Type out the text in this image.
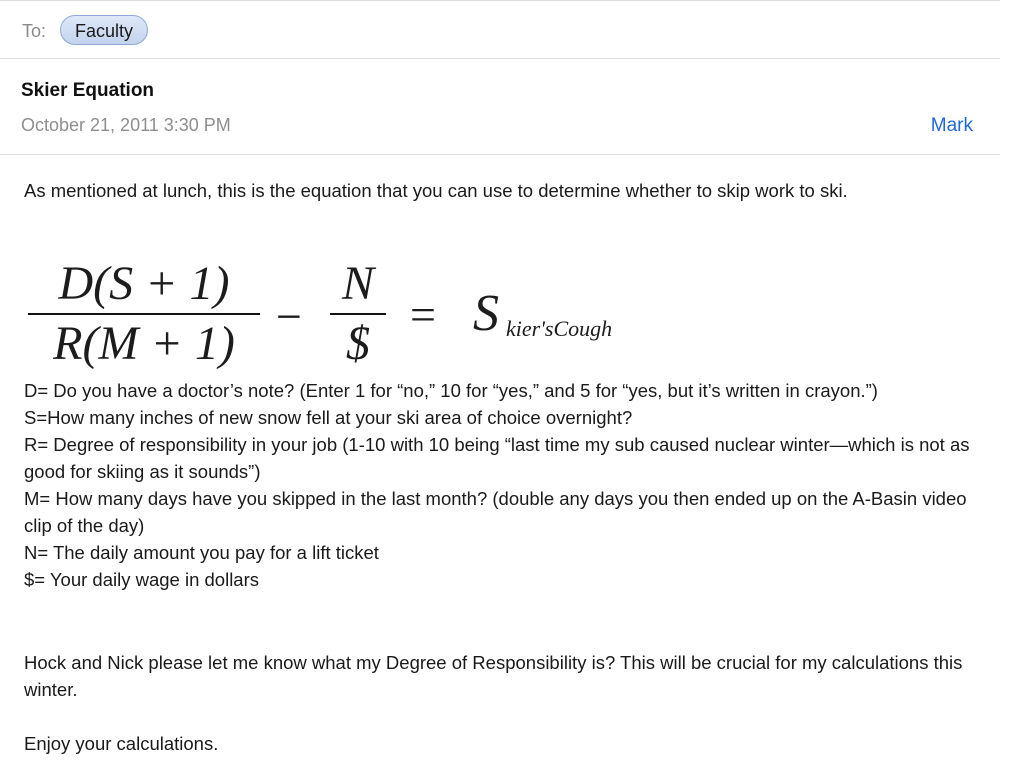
To:	Faculty
Skier Equation
October 21, 2011 3:30 PM	Mark
As mentioned at lunch, this is the equation that you can use to determine whether to skip work to ski.
D(S + 1)
R(M + 1)
−
N
$
= S kier'sCough
D= Do you have a doctor’s note? (Enter 1 for “no,” 10 for “yes,” and 5 for “yes, but it’s written in crayon.”)
S=How many inches of new snow fell at your ski area of choice overnight?
R= Degree of responsibility in your job (1-10 with 10 being “last time my sub caused nuclear winter—which is not as good for skiing as it sounds”)
M= How many days have you skipped in the last month? (double any days you then ended up on the A-Basin video clip of the day)
N= The daily amount you pay for a lift ticket
$= Your daily wage in dollars
Hock and Nick please let me know what my Degree of Responsibility is? This will be crucial for my calculations this winter.
Enjoy your calculations.
